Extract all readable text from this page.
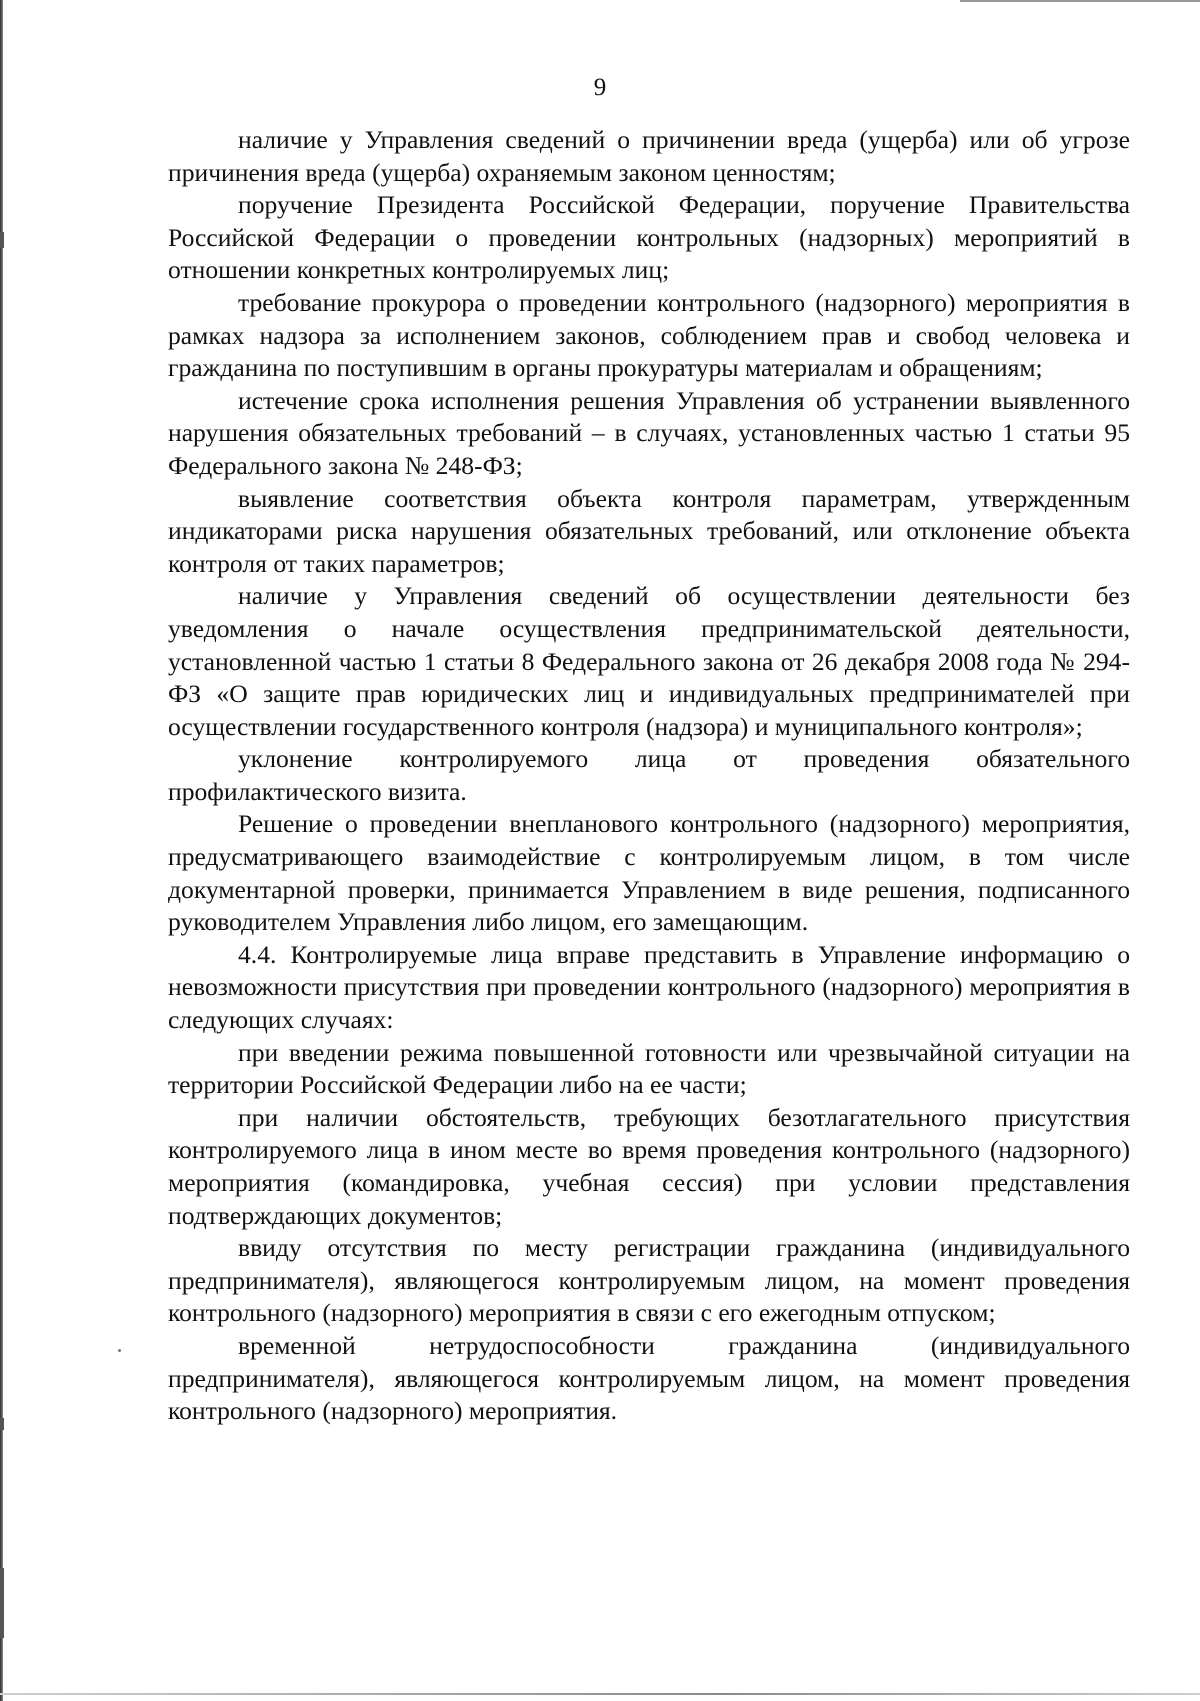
9

наличие у Управления сведений о причинении вреда (ущерба) или об угрозе причинения вреда (ущерба) охраняемым законом ценностям;

поручение Президента Российской Федерации, поручение Правительства Российской Федерации о проведении контрольных (надзорных) мероприятий в отношении конкретных контролируемых лиц;

требование прокурора о проведении контрольного (надзорного) мероприятия в рамках надзора за исполнением законов, соблюдением прав и свобод человека и гражданина по поступившим в органы прокуратуры материалам и обращениям;

истечение срока исполнения решения Управления об устранении выявленного нарушения обязательных требований – в случаях, установленных частью 1 статьи 95 Федерального закона № 248-ФЗ;

выявление соответствия объекта контроля параметрам, утвержденным индикаторами риска нарушения обязательных требований, или отклонение объекта контроля от таких параметров;

наличие у Управления сведений об осуществлении деятельности без уведомления о начале осуществления предпринимательской деятельности, установленной частью 1 статьи 8 Федерального закона от 26 декабря 2008 года № 294-ФЗ «О защите прав юридических лиц и индивидуальных предпринимателей при осуществлении государственного контроля (надзора) и муниципального контроля»;

уклонение контролируемого лица от проведения обязательного профилактического визита.

Решение о проведении внепланового контрольного (надзорного) мероприятия, предусматривающего взаимодействие с контролируемым лицом, в том числе документарной проверки, принимается Управлением в виде решения, подписанного руководителем Управления либо лицом, его замещающим.

4.4. Контролируемые лица вправе представить в Управление информацию о невозможности присутствия при проведении контрольного (надзорного) мероприятия в следующих случаях:

при введении режима повышенной готовности или чрезвычайной ситуации на территории Российской Федерации либо на ее части;

при наличии обстоятельств, требующих безотлагательного присутствия контролируемого лица в ином месте во время проведения контрольного (надзорного) мероприятия (командировка, учебная сессия) при условии представления подтверждающих документов;

ввиду отсутствия по месту регистрации гражданина (индивидуального предпринимателя), являющегося контролируемым лицом, на момент проведения контрольного (надзорного) мероприятия в связи с его ежегодным отпуском;

временной нетрудоспособности гражданина (индивидуального предпринимателя), являющегося контролируемым лицом, на момент проведения контрольного (надзорного) мероприятия.
